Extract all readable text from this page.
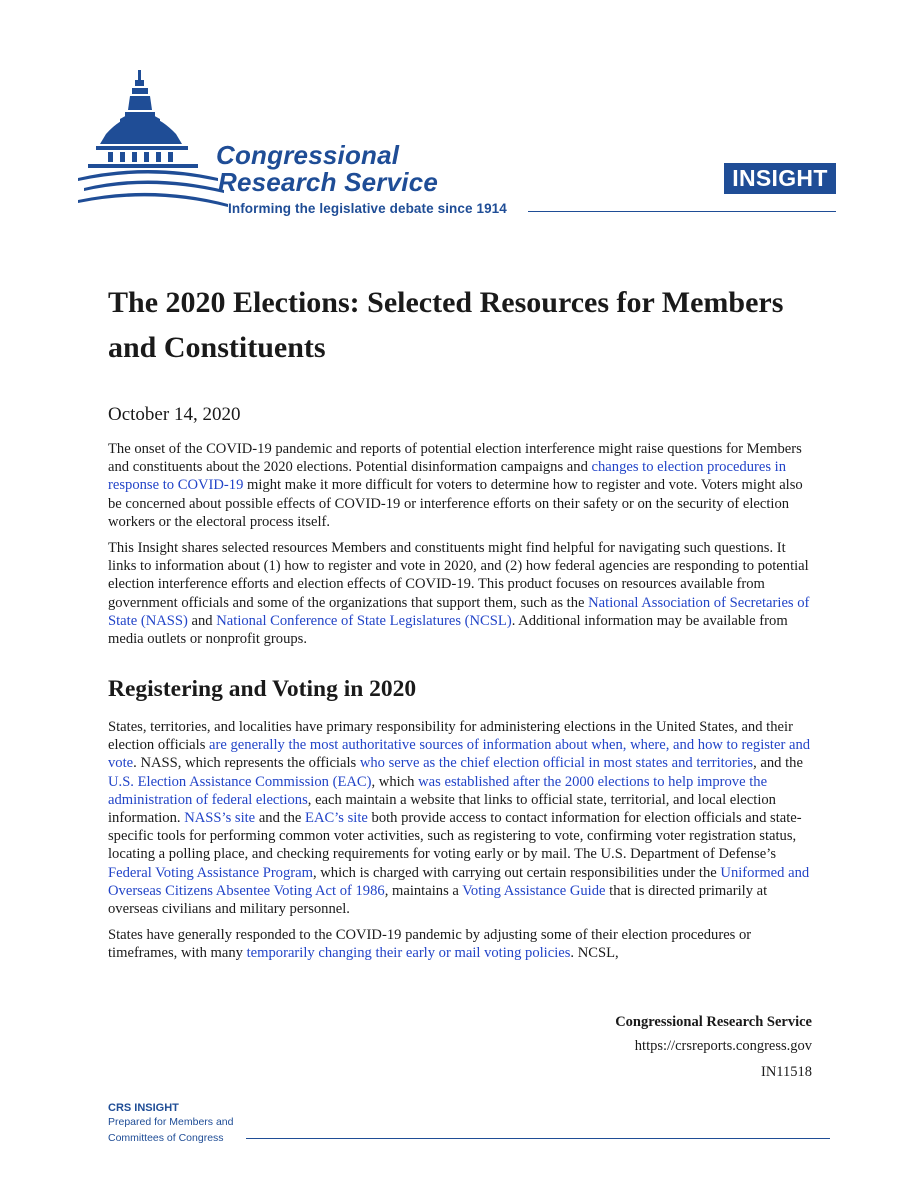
Congressional
Research Service
Informing the legislative debate since 1914
INSIGHT
The 2020 Elections: Selected Resources for Members and Constituents

October 14, 2020

The onset of the COVID-19 pandemic and reports of potential election interference might raise questions for Members and constituents about the 2020 elections. Potential disinformation campaigns and changes to election procedures in response to COVID-19 might make it more difficult for voters to determine how to register and vote. Voters might also be concerned about possible effects of COVID-19 or interference efforts on their safety or on the security of election workers or the electoral process itself.

This Insight shares selected resources Members and constituents might find helpful for navigating such questions. It links to information about (1) how to register and vote in 2020, and (2) how federal agencies are responding to potential election interference efforts and election effects of COVID-19. This product focuses on resources available from government officials and some of the organizations that support them, such as the National Association of Secretaries of State (NASS) and National Conference of State Legislatures (NCSL). Additional information may be available from media outlets or nonprofit groups.

Registering and Voting in 2020

States, territories, and localities have primary responsibility for administering elections in the United States, and their election officials are generally the most authoritative sources of information about when, where, and how to register and vote. NASS, which represents the officials who serve as the chief election official in most states and territories, and the U.S. Election Assistance Commission (EAC), which was established after the 2000 elections to help improve the administration of federal elections, each maintain a website that links to official state, territorial, and local election information. NASS’s site and the EAC’s site both provide access to contact information for election officials and state-specific tools for performing common voter activities, such as registering to vote, confirming voter registration status, locating a polling place, and checking requirements for voting early or by mail. The U.S. Department of Defense’s Federal Voting Assistance Program, which is charged with carrying out certain responsibilities under the Uniformed and Overseas Citizens Absentee Voting Act of 1986, maintains a Voting Assistance Guide that is directed primarily at overseas civilians and military personnel.

States have generally responded to the COVID-19 pandemic by adjusting some of their election procedures or timeframes, with many temporarily changing their early or mail voting policies. NCSL,

Congressional Research Service
https://crsreports.congress.gov
IN11518
CRS INSIGHT
Prepared for Members and
Committees of Congress
